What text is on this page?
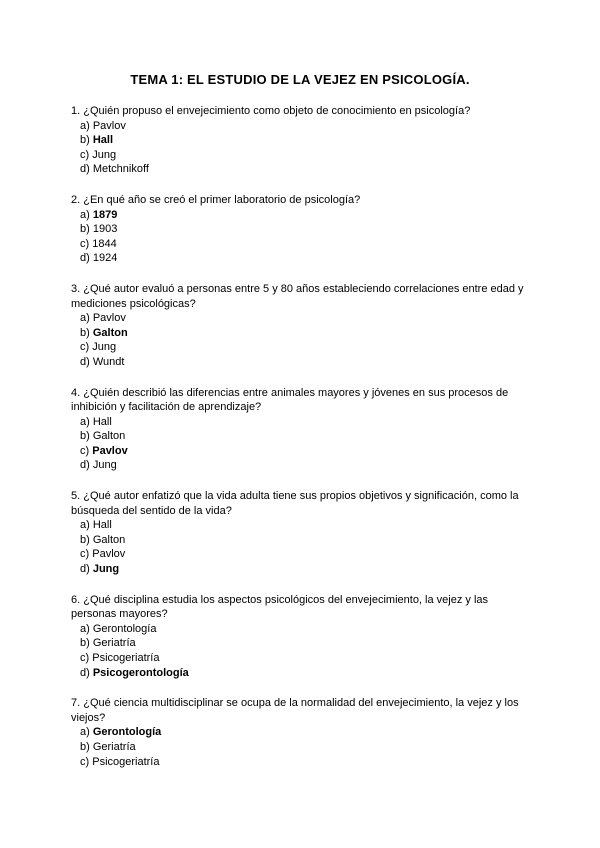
TEMA 1: EL ESTUDIO DE LA VEJEZ EN PSICOLOGÍA.

1. ¿Quién propuso el envejecimiento como objeto de conocimiento en psicología?

a) Pavlov
b) Hall
c) Jung
d) Metchnikoff

2. ¿En qué año se creó el primer laboratorio de psicología?

a) 1879
b) 1903
c) 1844
d) 1924

3. ¿Qué autor evaluó a personas entre 5 y 80 años estableciendo correlaciones entre edad y mediciones psicológicas?

a) Pavlov
b) Galton
c) Jung
d) Wundt

4. ¿Quién describió las diferencias entre animales mayores y jóvenes en sus procesos de inhibición y facilitación de aprendizaje?

a) Hall
b) Galton
c) Pavlov
d) Jung

5. ¿Qué autor enfatizó que la vida adulta tiene sus propios objetivos y significación, como la búsqueda del sentido de la vida?

a) Hall
b) Galton
c) Pavlov
d) Jung

6. ¿Qué disciplina estudia los aspectos psicológicos del envejecimiento, la vejez y las personas mayores?

a) Gerontología
b) Geriatría
c) Psicogeriatría
d) Psicogerontología

7. ¿Qué ciencia multidisciplinar se ocupa de la normalidad del envejecimiento, la vejez y los viejos?

a) Gerontología
b) Geriatría
c) Psicogeriatría
